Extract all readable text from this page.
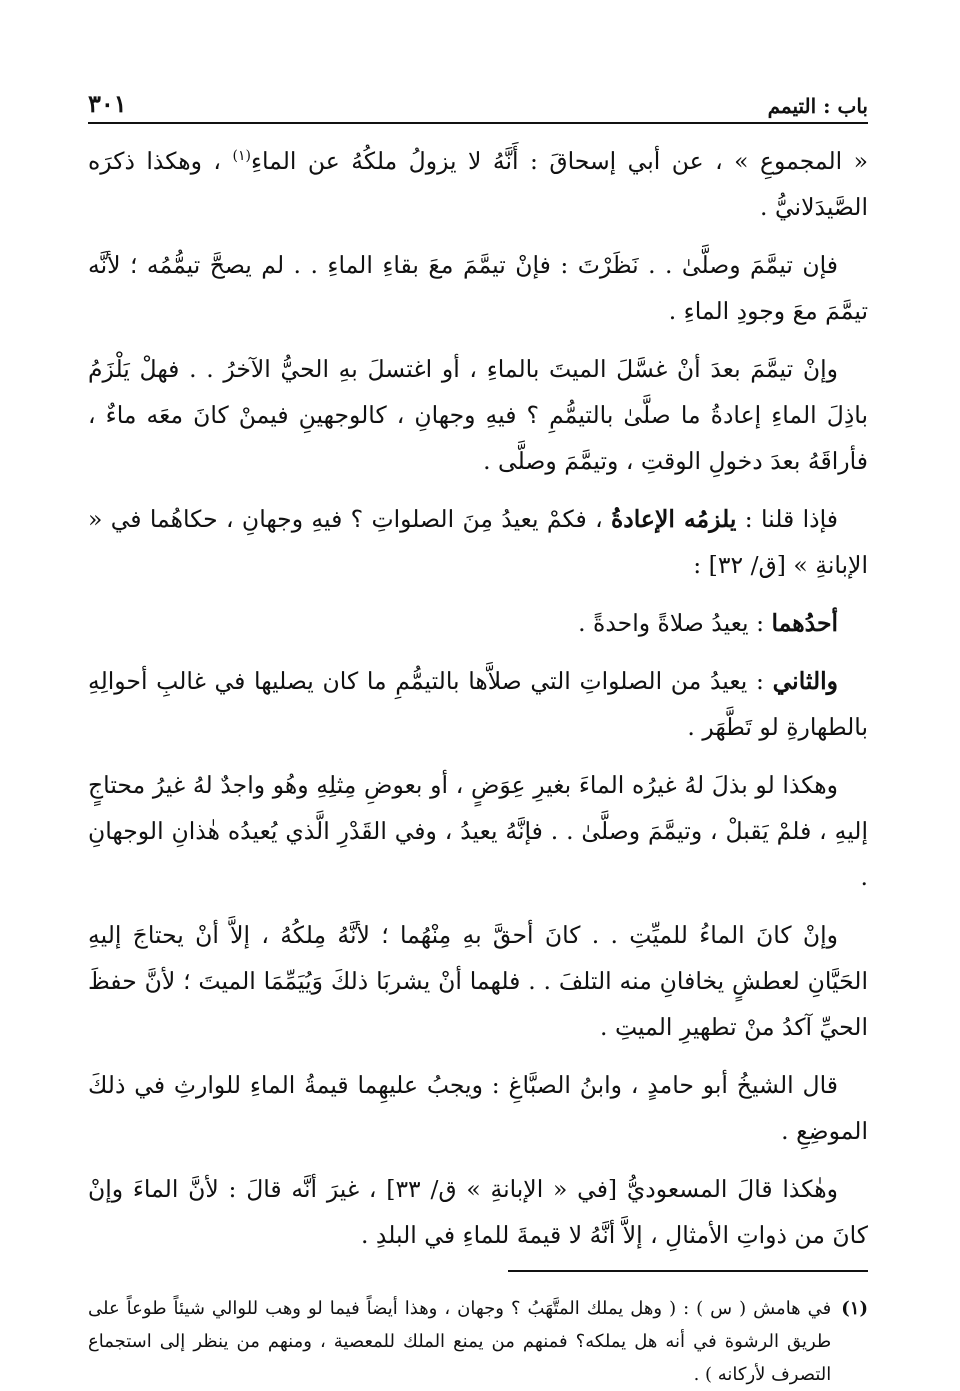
باب : التيمم
٣٠١

« المجموعِ » ، عن أبي إسحاقَ : أَنَّهُ لا يزولُ ملكُهُ عن الماءِ$^{(١)}$ ، وهكذا ذكرَه الصَّيدَلانيُّ .

فإن تيمَّمَ وصلَّىٰ . . نَظَرْتَ : فإنْ تيمَّمَ معَ بقاءِ الماءِ . . لم يصحَّ تيمُّمُه ؛ لأنَّه تيمَّمَ معَ وجودِ الماءِ .

وإنْ تيمَّمَ بعدَ أنْ غسَّلَ الميتَ بالماءِ ، أو اغتسلَ بهِ الحيُّ الآخرُ . . فهلْ يَلْزَمُ باذِلَ الماءِ إعادةُ ما صلَّىٰ بالتيمُّمِ ؟ فيهِ وجهانِ ، كالوجهينِ فيمنْ كانَ معَه ماءٌ ، فأراقَهُ بعدَ دخولِ الوقتِ ، وتيمَّمَ وصلَّى .

فإذا قلنا : يلزمُه الإعادةُ ، فكمْ يعيدُ مِنَ الصلواتِ ؟ فيهِ وجهانِ ، حكاهُما في « الإبانةِ » [ق/ ٣٢] :

أحدُهما : يعيدُ صلاةً واحدةً .

والثاني : يعيدُ من الصلواتِ التي صلاَّها بالتيمُّمِ ما كان يصليها في غالبِ أحوالِهِ بالطهارةِ لو تَطَّهَر .

وهكذا لو بذلَ لهُ غيرُه الماءَ بغيرِ عِوَضٍ ، أو بعوضِ مِثلِهِ وهُو واجدٌ لهُ غيرُ محتاجٍ إليهِ ، فلمْ يَقبلْ ، وتيمَّمَ وصلَّىٰ . . فإنَّهُ يعيدُ ، وفي القَدْرِ الَّذي يُعيدُه هٰذانِ الوجهانِ .

وإنْ كانَ الماءُ للميِّتِ . . كانَ أحقَّ بهِ مِنْهُما ؛ لأنَّهُ مِلكُهُ ، إلاَّ أنْ يحتاجَ إليهِ الحَيَّانِ لعطشٍ يخافانِ منه التلفَ . . فلهما أنْ يشربَا ذلكَ وَيُيَمِّمَا الميتَ ؛ لأنَّ حفظَ الحيِّ آكدُ منْ تطهيرِ الميتِ .

قال الشيخُ أبو حامدٍ ، وابنُ الصبَّاغِ : ويجبُ عليهِما قيمةُ الماءِ للوارثِ في ذلكَ الموضِعِ .

وهٰكذا قالَ المسعوديُّ [في « الإبانةِ » ق/ ٣٣] ، غيرَ أنَّه قالَ : لأنَّ الماءَ وإنْ كانَ من ذواتِ الأمثالِ ، إلاَّ أنَّهُ لا قيمةَ للماءِ في البلدِ .

(١)
في هامش ( س ) : ( وهل يملك المتَّهَبُ ؟ وجهان ، وهذا أيضاً فيما لو وهب للوالي شيئاً طوعاً على طريق الرشوة في أنه هل يملكه؟ فمنهم من يمنع الملك للمعصية ، ومنهم من ينظر إلى استجماع التصرف لأركانه ) .
